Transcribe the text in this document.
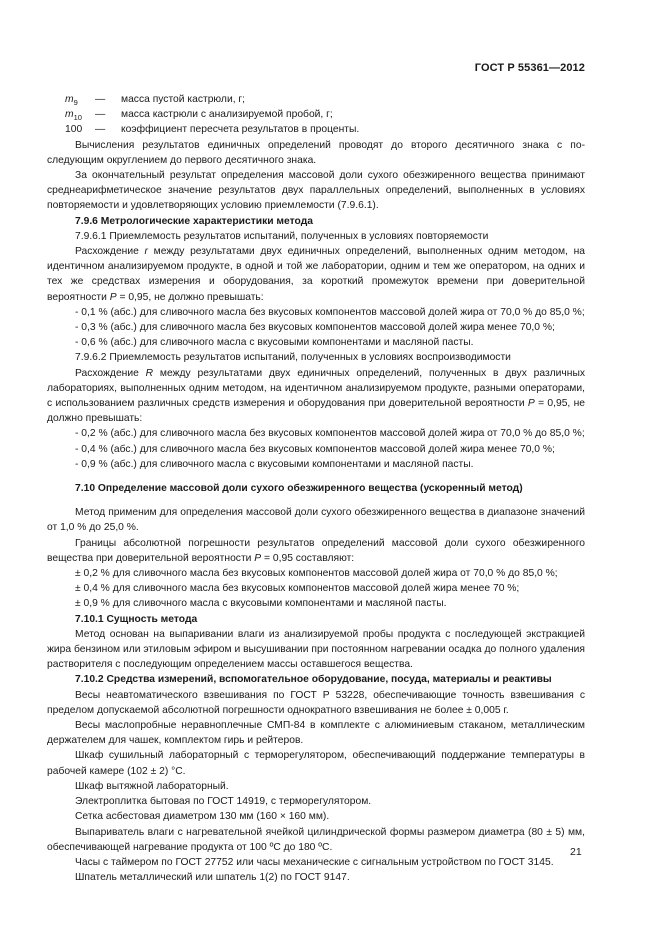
ГОСТ Р 55361—2012
$m_9$	—	масса пустой кастрюли, г;
$m_{10}$	—	масса кастрюли с анализируемой пробой, г;
100	—	коэффициент пересчета результатов в проценты.

Вычисления результатов единичных определений проводят до второго десятичного знака с последующим округлением до первого десятичного знака.

За окончательный результат определения массовой доли сухого обезжиренного вещества принимают среднеарифметическое значение результатов двух параллельных определений, выполненных в условиях повторяемости и удовлетворяющих условию приемлемости (7.9.6.1).

7.9.6 Метрологические характеристики метода

7.9.6.1 Приемлемость результатов испытаний, полученных в условиях повторяемости

Расхождение r между результатами двух единичных определений, выполненных одним методом, на идентичном анализируемом продукте, в одной и той же лаборатории, одним и тем же оператором, на одних и тех же средствах измерения и оборудования, за короткий промежуток времени при доверительной вероятности P = 0,95, не должно превышать:

- 0,1 % (абс.) для сливочного масла без вкусовых компонентов массовой долей жира от 70,0 % до 85,0 %;

- 0,3 % (абс.) для сливочного масла без вкусовых компонентов массовой долей жира менее 70,0 %;

- 0,6 % (абс.) для сливочного масла с вкусовыми компонентами и масляной пасты.

7.9.6.2 Приемлемость результатов испытаний, полученных в условиях воспроизводимости

Расхождение R между результатами двух единичных определений, полученных в двух различных лабораториях, выполненных одним методом, на идентичном анализируемом продукте, разными операторами, с использованием различных средств измерения и оборудования при доверительной вероятности P = 0,95, не должно превышать:

- 0,2 % (абс.) для сливочного масла без вкусовых компонентов массовой долей жира от 70,0 % до 85,0 %;

- 0,4 % (абс.) для сливочного масла без вкусовых компонентов массовой долей жира менее 70,0 %;

- 0,9 % (абс.) для сливочного масла с вкусовыми компонентами и масляной пасты.

7.10 Определение массовой доли сухого обезжиренного вещества (ускоренный метод)

Метод применим для определения массовой доли сухого обезжиренного вещества в диапазоне значений от 1,0 % до 25,0 %.

Границы абсолютной погрешности результатов определений массовой доли сухого обезжиренного вещества при доверительной вероятности P = 0,95 составляют:

± 0,2 % для сливочного масла без вкусовых компонентов массовой долей жира от 70,0 % до 85,0 %;

± 0,4 % для сливочного масла без вкусовых компонентов массовой долей жира менее 70 %;

± 0,9 % для сливочного масла с вкусовыми компонентами и масляной пасты.

7.10.1 Сущность метода

Метод основан на выпаривании влаги из анализируемой пробы продукта с последующей экстракцией жира бензином или этиловым эфиром и высушивании при постоянном нагревании осадка до полного удаления растворителя с последующим определением массы оставшегося вещества.

7.10.2 Средства измерений, вспомогательное оборудование, посуда, материалы и реактивы

Весы неавтоматического взвешивания по ГОСТ Р 53228, обеспечивающие точность взвешивания с пределом допускаемой абсолютной погрешности однократного взвешивания не более ± 0,005 г.

Весы маслопробные неравноплечные СМП-84 в комплекте с алюминиевым стаканом, металлическим держателем для чашек, комплектом гирь и рейтеров.

Шкаф сушильный лабораторный с терморегулятором, обеспечивающий поддержание температуры в рабочей камере (102 ± 2) °С.

Шкаф вытяжной лабораторный.

Электроплитка бытовая по ГОСТ 14919, с терморегулятором.

Сетка асбестовая диаметром 130 мм (160 × 160 мм).

Выпариватель влаги с нагревательной ячейкой цилиндрической формы размером диаметра (80 ± 5) мм, обеспечивающей нагревание продукта от 100 ºС до 180 ºС.

Часы с таймером по ГОСТ 27752 или часы механические с сигнальным устройством по ГОСТ 3145.

Шпатель металлический или шпатель 1(2) по ГОСТ 9147.

21
